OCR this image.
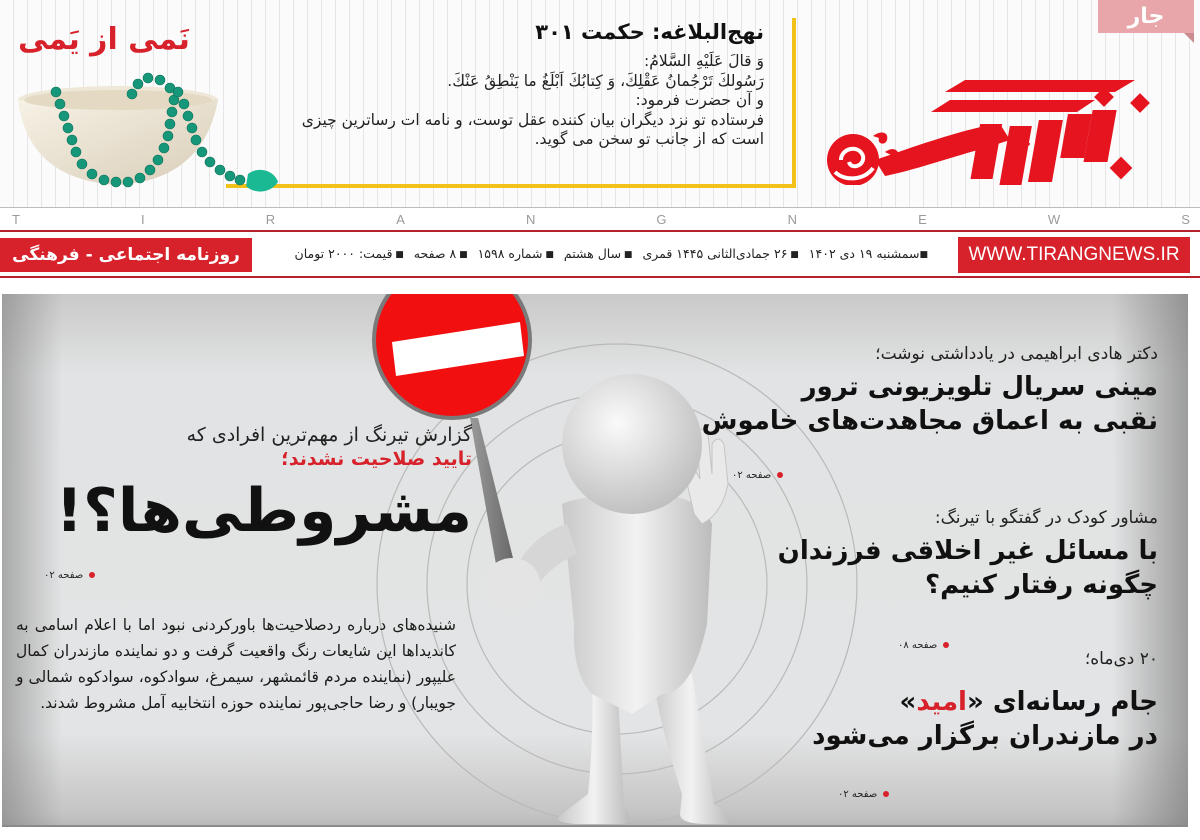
جار
نهج‌البلاغه: حکمت ۳۰۱
وَ قالَ عَلَیْهِ السَّلامُ:
رَسُولكَ تَرْجُمانُ عَقْلِكَ، وَ كِتابُكَ اَبْلَغُ ما یَنْطِقُ عَنْكَ.
و آن حضرت فرمود:
فرستاده تو نزد دیگران بیان کننده عقل توست، و نامه ات رساترین چیزی
است که از جانب تو سخن می گوید.
نَمی از یَمی
T	I	R	A	N	G	N	E	W	S
روزنامه اجتماعی - فرهنگی	■ سمشنبه ۱۹ دی ۱۴۰۲
■ ۲۶ جمادی‌الثانی ۱۴۴۵ قمری
■ سال هشتم
■ شماره ۱۵۹۸
■ ۸ صفحه
■ قیمت: ۲۰۰۰ تومان	WWW.TIRANGNEWS.IR
گزارش تیرنگ از مهم‌ترین افرادی که
تایید صلاحیت نشدند؛
مشروطی‌ها؟!
صفحه ۰۲

شنیده‌های درباره ردصلاحیت‌ها باورکردنی نبود اما با اعلام اسامی به کاندیداها این شایعات رنگ واقعیت گرفت و دو نماینده مازندران کمال علیپور (نماینده مردم قائمشهر، سیمرغ، سوادکوه، سوادکوه شمالی و جویبار) و رضا حاجی‌پور نماینده حوزه انتخابیه آمل مشروط شدند.

دکتر هادی ابراهیمی در یادداشتی نوشت؛
مینی سریال تلویزیونی ترور
نقبی به اعماق مجاهدت‌های خاموش
صفحه ۰۲
مشاور کودک در گفتگو با تیرنگ:
با مسائل غیر اخلاقی فرزندان
چگونه رفتار کنیم؟
صفحه ۰۸
۲۰ دی‌ماه؛
جام رسانه‌ای «امید»
در مازندران برگزار می‌شود
صفحه ۰۲
